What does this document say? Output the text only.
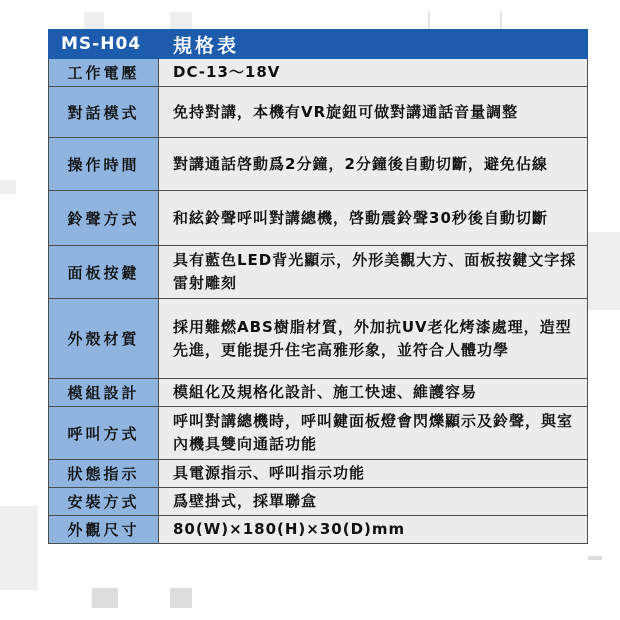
MS-H04	規格表
工作電壓	DC-13～18V
對話模式	免持對講，本機有VR旋鈕可做對講通話音量調整
操作時間	對講通話啓動爲2分鐘，2分鐘後自動切斷，避免佔線
鈴聲方式	和絃鈴聲呼叫對講總機，啓動震鈴聲30秒後自動切斷
面板按鍵	具有藍色LED背光顯示，外形美觀大方、面板按鍵文字採雷射雕刻
外殼材質	採用難燃ABS樹脂材質，外加抗UV老化烤漆處理，造型先進，更能提升住宅高雅形象，並符合人體功學
模組設計	模組化及規格化設計、施工快速、維護容易
呼叫方式	呼叫對講總機時，呼叫鍵面板燈會閃爍顯示及鈴聲，與室內機具雙向通話功能
狀態指示	具電源指示、呼叫指示功能
安裝方式	爲壁掛式，採單聯盒
外觀尺寸	80(W)×180(H)×30(D)mm
